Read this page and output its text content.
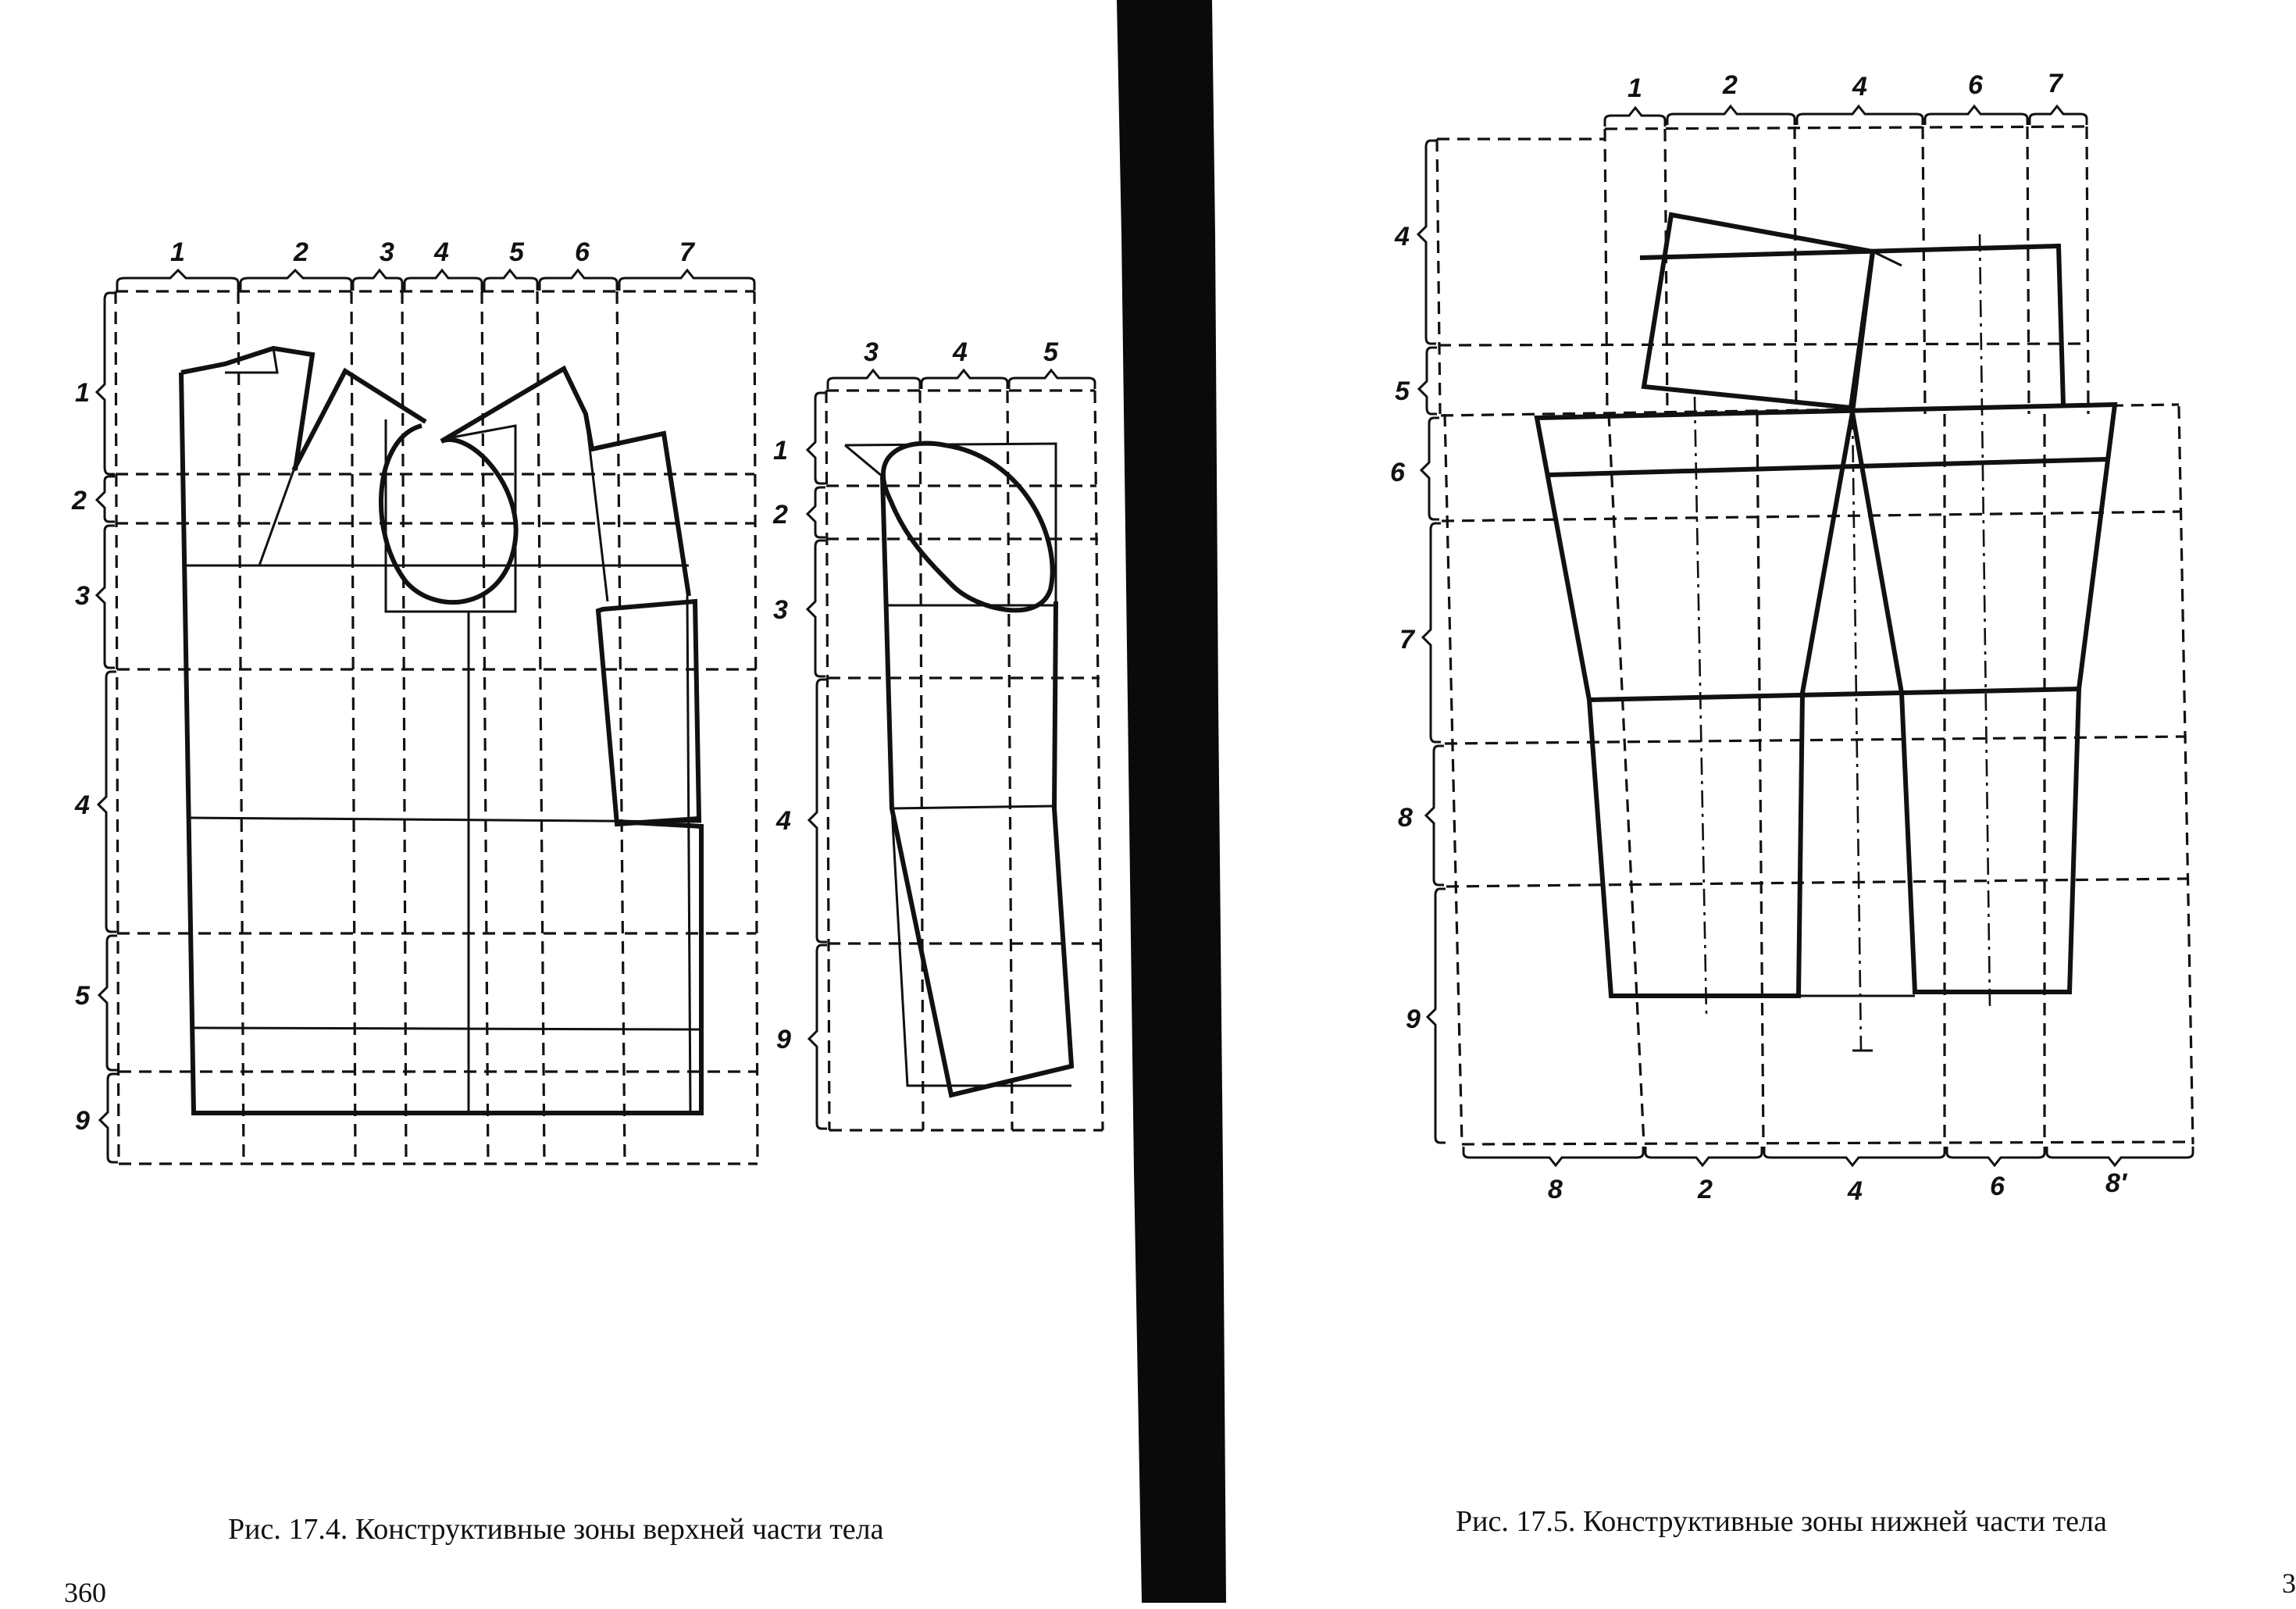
1	2	3 4 5 6	7
1
2
3
4
5
9
3	4	5
1
2
3
4
9
1	2	4	6 7
4
5
6
7
8
9
8	2	4	6	8′
Рис. 17.4. Конструктивные зоны верхней части тела	Рис. 17.5. Конструктивные зоны нижней части тела
360	3
